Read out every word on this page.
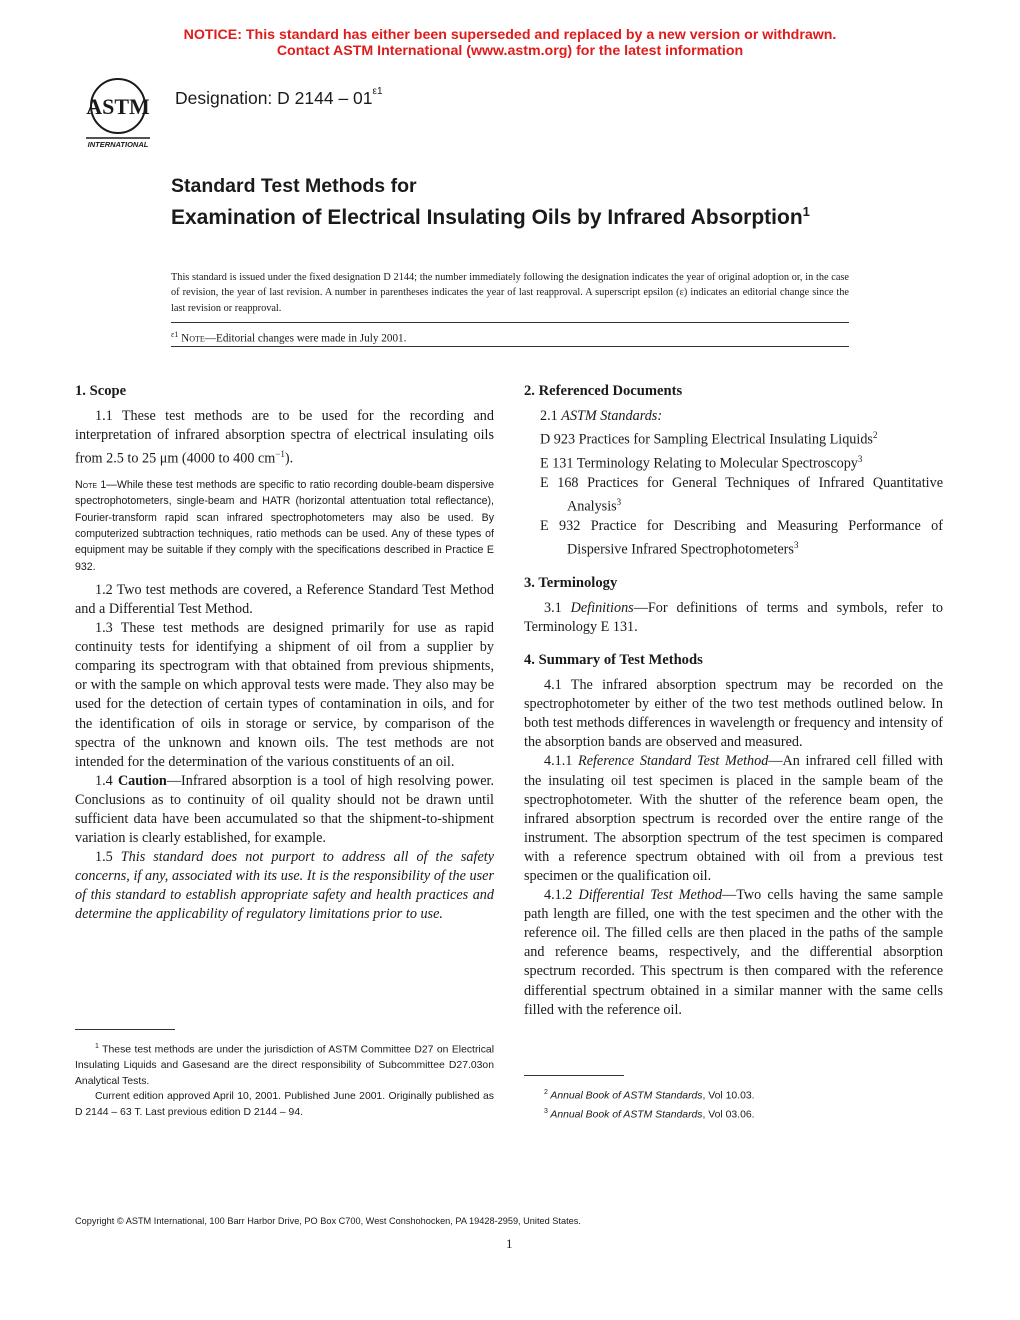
NOTICE: This standard has either been superseded and replaced by a new version or withdrawn.
Contact ASTM International (www.astm.org) for the latest information
ASTM
INTERNATIONAL
Designation: D $2144 - 01^{\varepsilon 1}$
Standard Test Methods for
Examination of Electrical Insulating Oils by Infrared Absorption$^1$
This standard is issued under the fixed designation D 2144; the number immediately following the designation indicates the year of original adoption or, in the case of revision, the year of last revision. A number in parentheses indicates the year of last reapproval. A superscript epsilon (ε) indicates an editorial change since the last revision or reapproval.
$^{\varepsilon 1}$ Note—Editorial changes were made in July 2001.

1. Scope

1.1 These test methods are to be used for the recording and interpretation of infrared absorption spectra of electrical insulating oils from 2.5 to 25 μm (4000 to 400 $cm^{-1}$).

Note 1—While these test methods are specific to ratio recording double-beam dispersive spectrophotometers, single-beam and HATR (horizontal attentuation total reflectance), Fourier-transform rapid scan infrared spectrophotometers may also be used. By computerized subtraction techniques, ratio methods can be used. Any of these types of equipment may be suitable if they comply with the specifications described in Practice E 932.

1.2 Two test methods are covered, a Reference Standard Test Method and a Differential Test Method.

1.3 These test methods are designed primarily for use as rapid continuity tests for identifying a shipment of oil from a supplier by comparing its spectrogram with that obtained from previous shipments, or with the sample on which approval tests were made. They also may be used for the detection of certain types of contamination in oils, and for the identification of oils in storage or service, by comparison of the spectra of the unknown and known oils. The test methods are not intended for the determination of the various constituents of an oil.

1.4 Caution—Infrared absorption is a tool of high resolving power. Conclusions as to continuity of oil quality should not be drawn until sufficient data have been accumulated so that the shipment-to-shipment variation is clearly established, for example.

1.5 This standard does not purport to address all of the safety concerns, if any, associated with its use. It is the responsibility of the user of this standard to establish appropriate safety and health practices and determine the applicability of regulatory limitations prior to use.

$^1$ These test methods are under the jurisdiction of ASTM Committee D27 on Electrical Insulating Liquids and Gasesand are the direct responsibility of Subcommittee D27.03on Analytical Tests.

Current edition approved April 10, 2001. Published June 2001. Originally published as D 2144 – 63 T. Last previous edition D 2144 – 94.

2. Referenced Documents

2.1 ASTM Standards:

D 923 Practices for Sampling Electrical Insulating Liquids$^2$

E 131 Terminology Relating to Molecular Spectroscopy$^3$

E 168 Practices for General Techniques of Infrared Quantitative Analysis$^3$

E 932 Practice for Describing and Measuring Performance of Dispersive Infrared Spectrophotometers$^3$

3. Terminology

3.1 Definitions—For definitions of terms and symbols, refer to Terminology E 131.

4. Summary of Test Methods

4.1 The infrared absorption spectrum may be recorded on the spectrophotometer by either of the two test methods outlined below. In both test methods differences in wavelength or frequency and intensity of the absorption bands are observed and measured.

4.1.1 Reference Standard Test Method—An infrared cell filled with the insulating oil test specimen is placed in the sample beam of the spectrophotometer. With the shutter of the reference beam open, the infrared absorption spectrum is recorded over the entire range of the instrument. The absorption spectrum of the test specimen is compared with a reference spectrum obtained with oil from a previous test specimen or the qualification oil.

4.1.2 Differential Test Method—Two cells having the same sample path length are filled, one with the test specimen and the other with the reference oil. The filled cells are then placed in the paths of the sample and reference beams, respectively, and the differential absorption spectrum recorded. This spectrum is then compared with the reference differential spectrum obtained in a similar manner with the same cells filled with the reference oil.

$^2$ Annual Book of ASTM Standards, Vol 10.03.

$^3$ Annual Book of ASTM Standards, Vol 03.06.

Copyright © ASTM International, 100 Barr Harbor Drive, PO Box C700, West Conshohocken, PA 19428-2959, United States.
1
